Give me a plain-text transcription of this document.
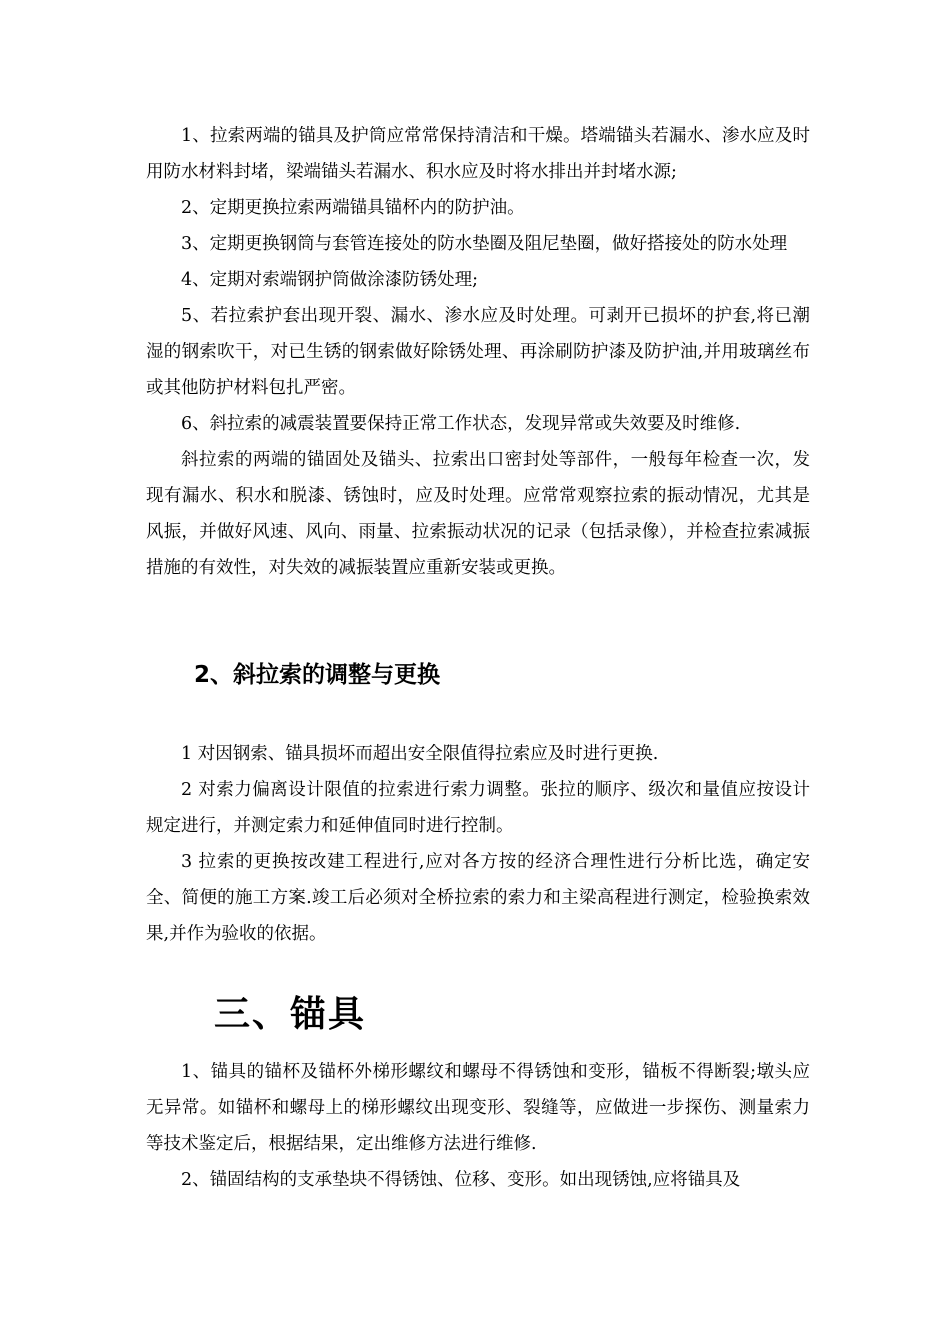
1、拉索两端的锚具及护筒应常常保持清洁和干燥。塔端锚头若漏水、渗水应及时用防水材料封堵，梁端锚头若漏水、积水应及时将水排出并封堵水源;

2、定期更换拉索两端锚具锚杯内的防护油。

3、定期更换钢筒与套管连接处的防水垫圈及阻尼垫圈，做好搭接处的防水处理

4、定期对索端钢护筒做涂漆防锈处理;

5、若拉索护套出现开裂、漏水、渗水应及时处理。可剥开已损坏的护套,将已潮湿的钢索吹干，对已生锈的钢索做好除锈处理、再涂刷防护漆及防护油,并用玻璃丝布或其他防护材料包扎严密。

6、斜拉索的减震装置要保持正常工作状态，发现异常或失效要及时维修.

斜拉索的两端的锚固处及锚头、拉索出口密封处等部件，一般每年检查一次，发现有漏水、积水和脱漆、锈蚀时，应及时处理。应常常观察拉索的振动情况，尤其是风振，并做好风速、风向、雨量、拉索振动状况的记录（包括录像），并检查拉索减振措施的有效性，对失效的减振装置应重新安装或更换。

2、斜拉索的调整与更换

1 对因钢索、锚具损坏而超出安全限值得拉索应及时进行更换.

2 对索力偏离设计限值的拉索进行索力调整。张拉的顺序、级次和量值应按设计规定进行，并测定索力和延伸值同时进行控制。

3 拉索的更换按改建工程进行,应对各方按的经济合理性进行分析比选，确定安全、简便的施工方案.竣工后必须对全桥拉索的索力和主梁高程进行测定，检验换索效果,并作为验收的依据。

三、锚具

1、锚具的锚杯及锚杯外梯形螺纹和螺母不得锈蚀和变形，锚板不得断裂;墩头应无异常。如锚杯和螺母上的梯形螺纹出现变形、裂缝等，应做进一步探伤、测量索力等技术鉴定后，根据结果，定出维修方法进行维修.

2、锚固结构的支承垫块不得锈蚀、位移、变形。如出现锈蚀,应将锚具及
